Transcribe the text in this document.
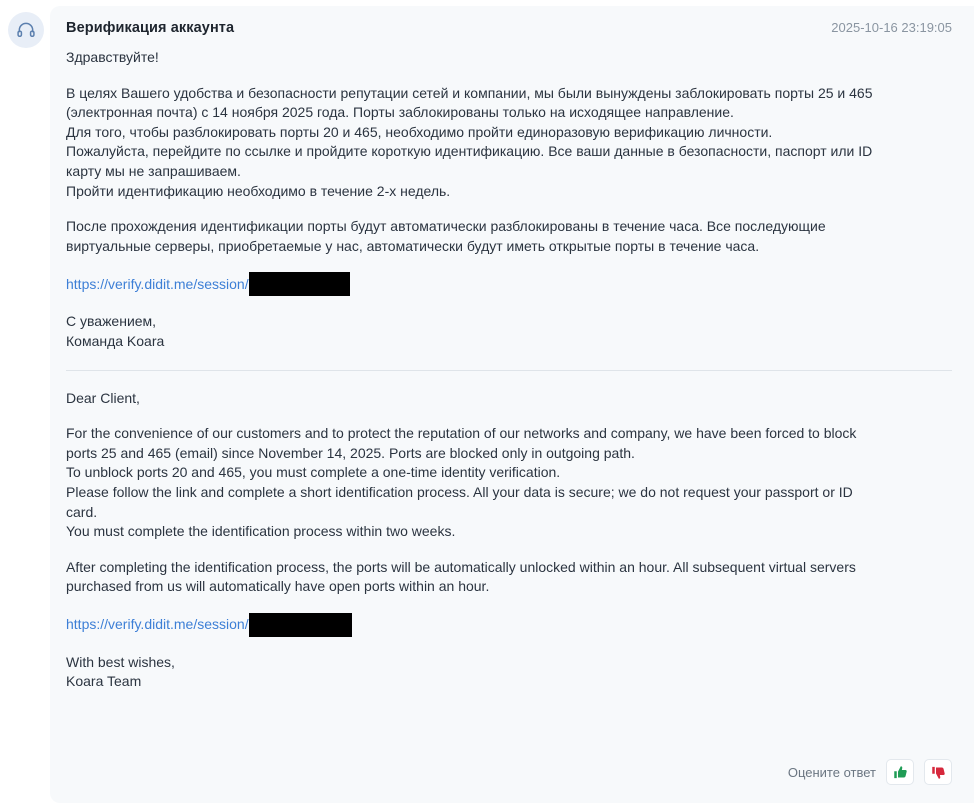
Верификация аккаунта	2025-10-16 23:19:05

Здравствуйте!

В целях Вашего удобства и безопасности репутации сетей и компании, мы были вынуждены заблокировать порты 25 и 465
(электронная почта) с 14 ноября 2025 года. Порты заблокированы только на исходящее направление.
Для того, чтобы разблокировать порты 20 и 465, необходимо пройти единоразовую верификацию личности.
Пожалуйста, перейдите по ссылке и пройдите короткую идентификацию. Все ваши данные в безопасности, паспорт или ID
карту мы не запрашиваем.
Пройти идентификацию необходимо в течение 2-х недель.
После прохождения идентификации порты будут автоматически разблокированы в течение часа. Все последующие
виртуальные серверы, приобретаемые у нас, автоматически будут иметь открытые порты в течение часа.
https://verify.didit.me/session/
С уважением,
Команда Koara

Dear Client,

For the convenience of our customers and to protect the reputation of our networks and company, we have been forced to block
ports 25 and 465 (email) since November 14, 2025. Ports are blocked only in outgoing path.
To unblock ports 20 and 465, you must complete a one-time identity verification.
Please follow the link and complete a short identification process. All your data is secure; we do not request your passport or ID
card.
You must complete the identification process within two weeks.
After completing the identification process, the ports will be automatically unlocked within an hour. All subsequent virtual servers
purchased from us will automatically have open ports within an hour.
https://verify.didit.me/session/
With best wishes,
Koara Team
Оцените ответ
